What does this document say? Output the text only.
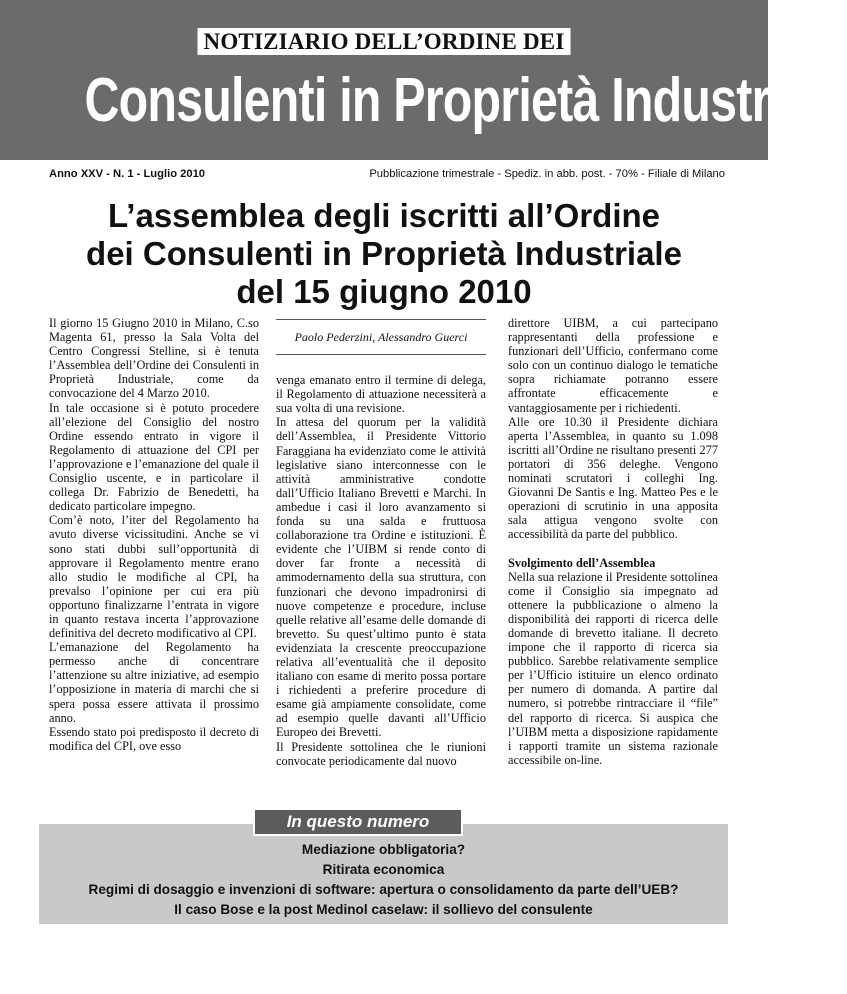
NOTIZIARIO DELL’ORDINE DEI
Consulenti in Proprietà Industriale
Anno XXV - N. 1 - Luglio 2010	Pubblicazione trimestrale - Spediz. in abb. post. - 70% - Filiale di Milano
L’assemblea degli iscritti all’Ordine
dei Consulenti in Proprietà Industriale
del 15 giugno 2010

Il giorno 15 Giugno 2010 in Milano, C.so Magenta 61, presso la Sala Volta del Centro Congressi Stelline, si è tenuta l’Assemblea dell’Ordine dei Consulenti in Proprietà Industriale, come da convocazione del 4 Marzo 2010.

In tale occasione si è potuto procedere all’elezione del Consiglio del nostro Ordine essendo entrato in vigore il Regolamento di attuazione del CPI per l’approvazione e l’emanazione del quale il Consiglio uscente, e in particolare il collega Dr. Fabrizio de Benedetti, ha dedicato particolare impegno.

Com’è noto, l’iter del Regolamento ha avuto diverse vicissitudini. Anche se vi sono stati dubbi sull’opportunità di approvare il Regolamento mentre erano allo studio le modifiche al CPI, ha prevalso l’opinione per cui era più opportuno finalizzarne l’entrata in vigore in quanto restava incerta l’approvazione definitiva del decreto modificativo al CPI.

L’emanazione del Regolamento ha permesso anche di concentrare l’attenzione su altre iniziative, ad esempio l’opposizione in materia di marchi che si spera possa essere attivata il prossimo anno.

Essendo stato poi predisposto il decreto di modifica del CPI, ove esso

Paolo Pederzini, Alessandro Guerci

venga emanato entro il termine di delega, il Regolamento di attuazione necessiterà a sua volta di una revisione.

In attesa del quorum per la validità dell’Assemblea, il Presidente Vittorio Faraggiana ha evidenziato come le attività legislative siano interconnesse con le attività amministrative condotte dall’Ufficio Italiano Brevetti e Marchi. In ambedue i casi il loro avanzamento si fonda su una salda e fruttuosa collaborazione tra Ordine e istituzioni. È evidente che l’UIBM si rende conto di dover far fronte a necessità di ammodernamento della sua struttura, con funzionari che devono impadronirsi di nuove competenze e procedure, incluse quelle relative all’esame delle domande di brevetto. Su quest’ultimo punto è stata evidenziata la crescente preoccupazione relativa all’eventualità che il deposito italiano con esame di merito possa portare i richiedenti a preferire procedure di esame già ampiamente consolidate, come ad esempio quelle davanti all’Ufficio Europeo dei Brevetti.

Il Presidente sottolinea che le riunioni convocate periodicamente dal nuovo

direttore UIBM, a cui partecipano rappresentanti della professione e funzionari dell’Ufficio, confermano come solo con un continuo dialogo le tematiche sopra richiamate potranno essere affrontate efficacemente e vantaggiosamente per i richiedenti.

Alle ore 10.30 il Presidente dichiara aperta l’Assemblea, in quanto su 1.098 iscritti all’Ordine ne risultano presenti 277 portatori di 356 deleghe. Vengono nominati scrutatori i colleghi Ing. Giovanni De Santis e Ing. Matteo Pes e le operazioni di scrutinio in una apposita sala attigua vengono svolte con accessibilità da parte del pubblico.

Svolgimento dell’Assemblea

Nella sua relazione il Presidente sottolinea come il Consiglio sia impegnato ad ottenere la pubblicazione o almeno la disponibilità dei rapporti di ricerca delle domande di brevetto italiane. Il decreto impone che il rapporto di ricerca sia pubblico. Sarebbe relativamente semplice per l’Ufficio istituire un elenco ordinato per numero di domanda. A partire dal numero, si potrebbe rintracciare il “file” del rapporto di ricerca. Si auspica che l’UIBM metta a disposizione rapidamente i rapporti tramite un sistema razionale accessibile on-line.

In questo numero
Mediazione obbligatoria?
Ritirata economica
Regimi di dosaggio e invenzioni di software: apertura o consolidamento da parte dell’UEB?
Il caso Bose e la post Medinol caselaw: il sollievo del consulente
